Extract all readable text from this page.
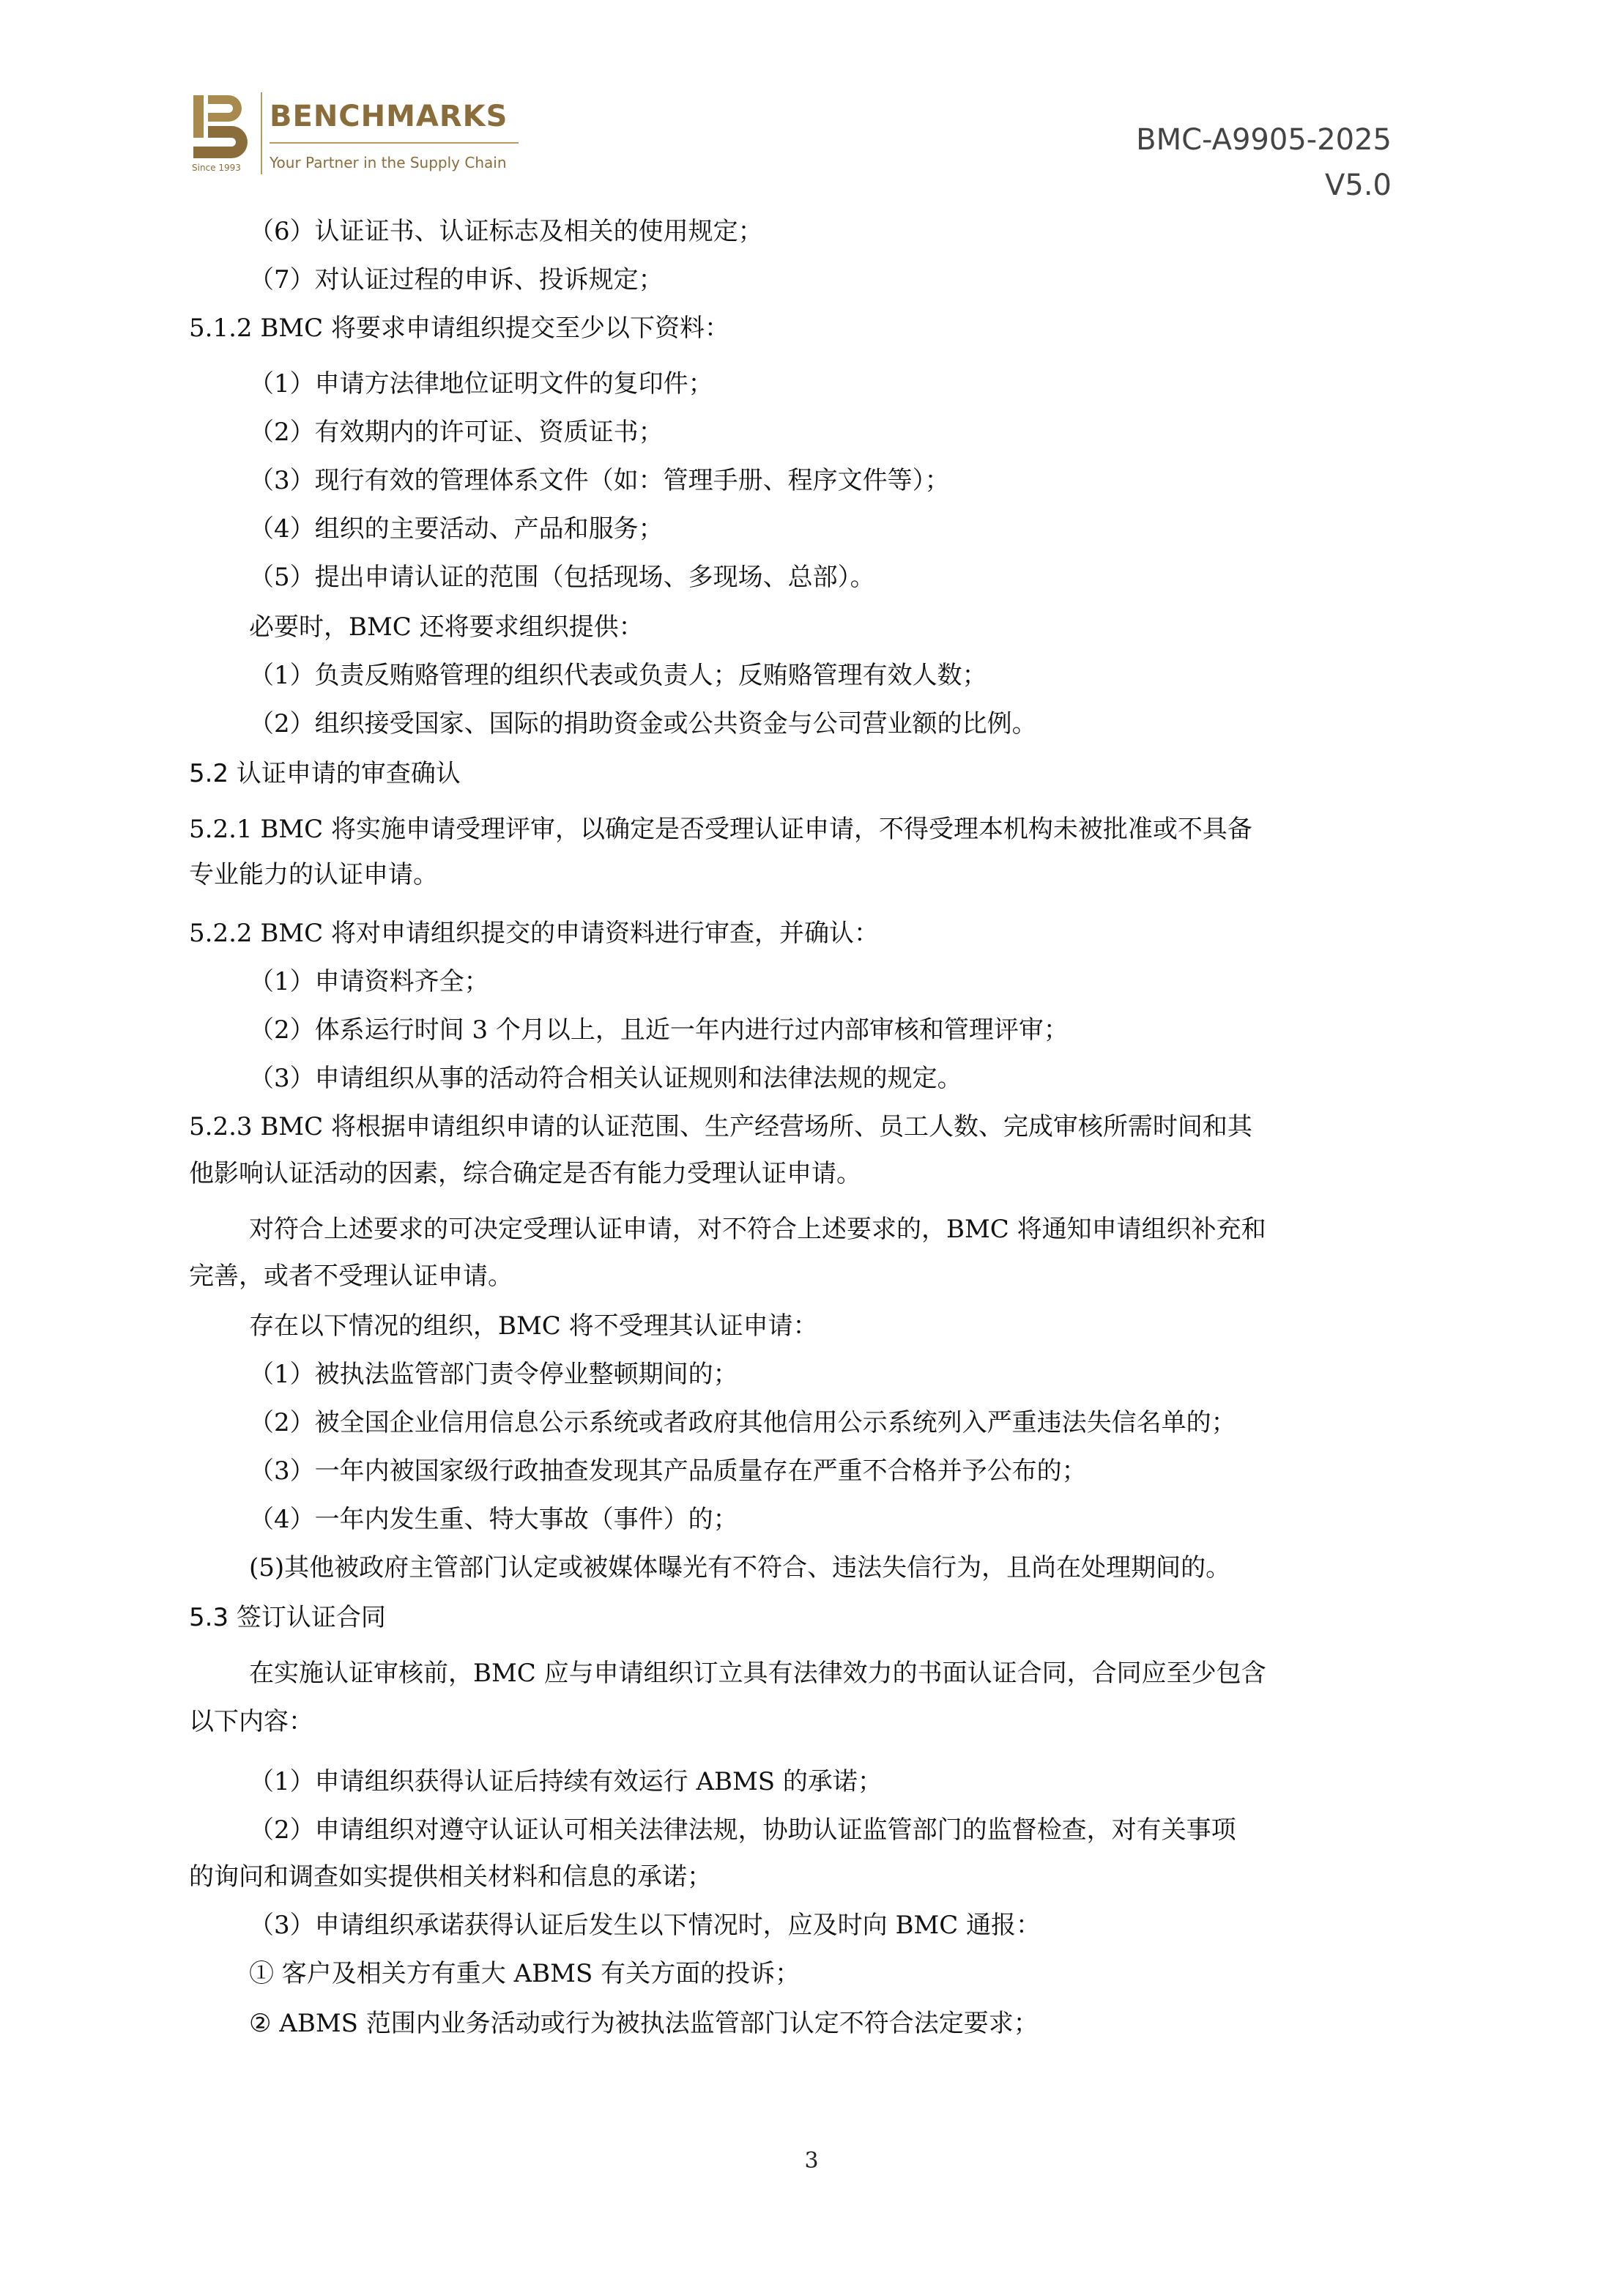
BENCHMARKS
Your Partner in the Supply Chain
Since 1993
BMC-A9905-2025
V5.0
（6）认证证书、认证标志及相关的使用规定；
（7）对认证过程的申诉、投诉规定；
5.1.2 BMC 将要求申请组织提交至少以下资料：
（1）申请方法律地位证明文件的复印件；
（2）有效期内的许可证、资质证书；
（3）现行有效的管理体系文件（如：管理手册、程序文件等）；
（4）组织的主要活动、产品和服务；
（5）提出申请认证的范围（包括现场、多现场、总部）。
必要时，BMC 还将要求组织提供：
（1）负责反贿赂管理的组织代表或负责人；反贿赂管理有效人数；
（2）组织接受国家、国际的捐助资金或公共资金与公司营业额的比例。
5.2 认证申请的审查确认
5.2.1 BMC 将实施申请受理评审，以确定是否受理认证申请，不得受理本机构未被批准或不具备
专业能力的认证申请。
5.2.2 BMC 将对申请组织提交的申请资料进行审查，并确认：
（1）申请资料齐全；
（2）体系运行时间 3 个月以上，且近一年内进行过内部审核和管理评审；
（3）申请组织从事的活动符合相关认证规则和法律法规的规定。
5.2.3 BMC 将根据申请组织申请的认证范围、生产经营场所、员工人数、完成审核所需时间和其
他影响认证活动的因素，综合确定是否有能力受理认证申请。
对符合上述要求的可决定受理认证申请，对不符合上述要求的，BMC 将通知申请组织补充和
完善，或者不受理认证申请。
存在以下情况的组织，BMC 将不受理其认证申请：
（1）被执法监管部门责令停业整顿期间的；
（2）被全国企业信用信息公示系统或者政府其他信用公示系统列入严重违法失信名单的；
（3）一年内被国家级行政抽查发现其产品质量存在严重不合格并予公布的；
（4）一年内发生重、特大事故（事件）的；
(5)其他被政府主管部门认定或被媒体曝光有不符合、违法失信行为，且尚在处理期间的。
5.3 签订认证合同
在实施认证审核前，BMC 应与申请组织订立具有法律效力的书面认证合同，合同应至少包含
以下内容：
（1）申请组织获得认证后持续有效运行 ABMS 的承诺；
（2）申请组织对遵守认证认可相关法律法规，协助认证监管部门的监督检查，对有关事项
的询问和调查如实提供相关材料和信息的承诺；
（3）申请组织承诺获得认证后发生以下情况时，应及时向 BMC 通报：
① 客户及相关方有重大 ABMS 有关方面的投诉；
② ABMS 范围内业务活动或行为被执法监管部门认定不符合法定要求；
3
